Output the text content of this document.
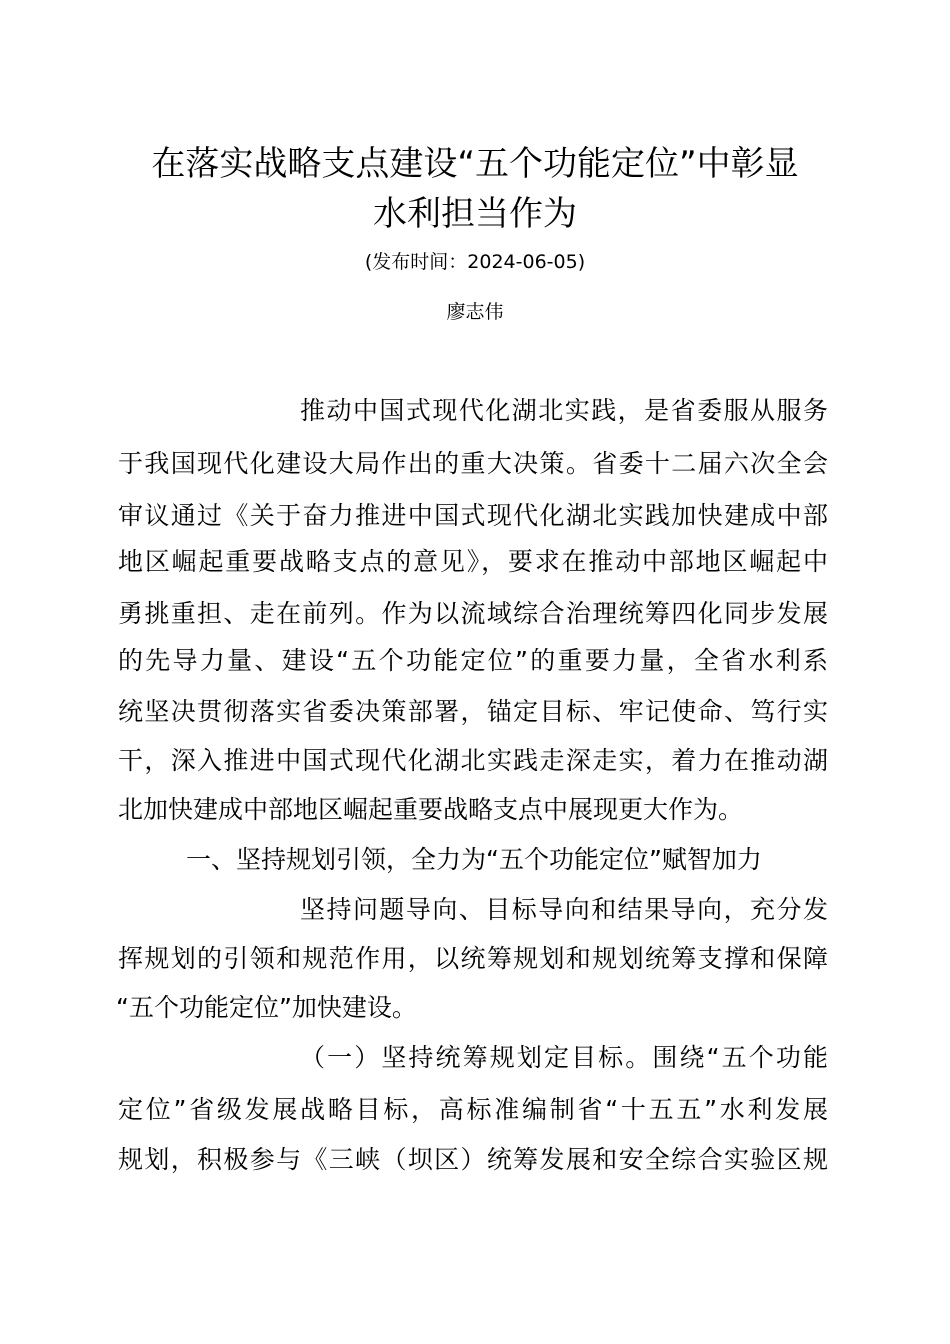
在落实战略支点建设“五个功能定位”中彰显
水利担当作为
(发布时间：2024-06-05)
廖志伟
推动中国式现代化湖北实践，是省委服从服务
于我国现代化建设大局作出的重大决策。省委十二届六次全会
审议通过《关于奋力推进中国式现代化湖北实践加快建成中部
地区崛起重要战略支点的意见》，要求在推动中部地区崛起中
勇挑重担、走在前列。作为以流域综合治理统筹四化同步发展
的先导力量、建设“五个功能定位”的重要力量，全省水利系
统坚决贯彻落实省委决策部署，锚定目标、牢记使命、笃行实
干，深入推进中国式现代化湖北实践走深走实，着力在推动湖
北加快建成中部地区崛起重要战略支点中展现更大作为。
一、坚持规划引领，全力为“五个功能定位”赋智加力
坚持问题导向、目标导向和结果导向，充分发
挥规划的引领和规范作用，以统筹规划和规划统筹支撑和保障
“五个功能定位”加快建设。
（一）坚持统筹规划定目标。围绕“五个功能
定位”省级发展战略目标，高标准编制省“十五五”水利发展
规划，积极参与《三峡（坝区）统筹发展和安全综合实验区规
